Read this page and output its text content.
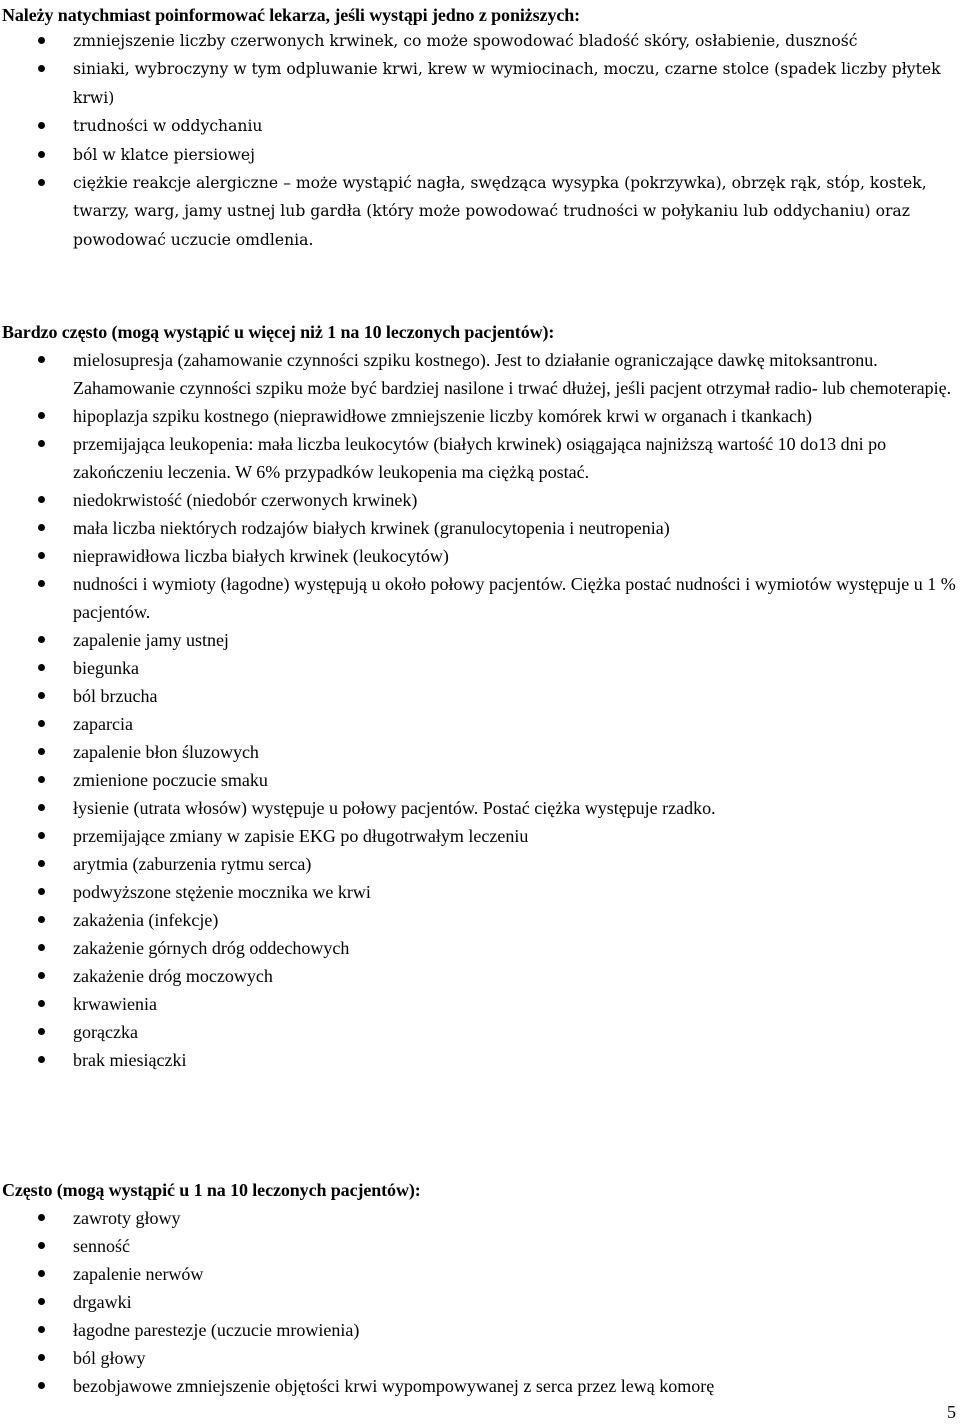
Należy natychmiast poinformować lekarza, jeśli wystąpi jedno z poniższych:

zmniejszenie liczby czerwonych krwinek, co może spowodować bladość skóry, osłabienie, duszność
siniaki, wybroczyny w tym odpluwanie krwi, krew w wymiocinach, moczu, czarne stolce (spadek liczby płytek krwi)
trudności w oddychaniu
ból w klatce piersiowej
ciężkie reakcje alergiczne – może wystąpić nagła, swędząca wysypka (pokrzywka), obrzęk rąk, stóp, kostek, twarzy, warg, jamy ustnej lub gardła (który może powodować trudności w połykaniu lub oddychaniu) oraz powodować uczucie omdlenia.

Bardzo często (mogą wystąpić u więcej niż 1 na 10 leczonych pacjentów):

mielosupresja (zahamowanie czynności szpiku kostnego). Jest to działanie ograniczające dawkę mitoksantronu. Zahamowanie czynności szpiku może być bardziej nasilone i trwać dłużej, jeśli pacjent otrzymał radio- lub chemoterapię.
hipoplazja szpiku kostnego (nieprawidłowe zmniejszenie liczby komórek krwi w organach i tkankach)
przemijająca leukopenia: mała liczba leukocytów (białych krwinek) osiągająca najniższą wartość 10 do13 dni po zakończeniu leczenia. W 6% przypadków leukopenia ma ciężką postać.
niedokrwistość (niedobór czerwonych krwinek)
mała liczba niektórych rodzajów białych krwinek (granulocytopenia i neutropenia)
nieprawidłowa liczba białych krwinek (leukocytów)
nudności i wymioty (łagodne) występują u około połowy pacjentów. Ciężka postać nudności i wymiotów występuje u 1 % pacjentów.
zapalenie jamy ustnej
biegunka
ból brzucha
zaparcia
zapalenie błon śluzowych
zmienione poczucie smaku
łysienie (utrata włosów) występuje u połowy pacjentów. Postać ciężka występuje rzadko.
przemijające zmiany w zapisie EKG po długotrwałym leczeniu
arytmia (zaburzenia rytmu serca)
podwyższone stężenie mocznika we krwi
zakażenia (infekcje)
zakażenie górnych dróg oddechowych
zakażenie dróg moczowych
krwawienia
gorączka
brak miesiączki

Często (mogą wystąpić u 1 na 10 leczonych pacjentów):

zawroty głowy
senność
zapalenie nerwów
drgawki
łagodne parestezje (uczucie mrowienia)
ból głowy
bezobjawowe zmniejszenie objętości krwi wypompowywanej z serca przez lewą komorę
5
